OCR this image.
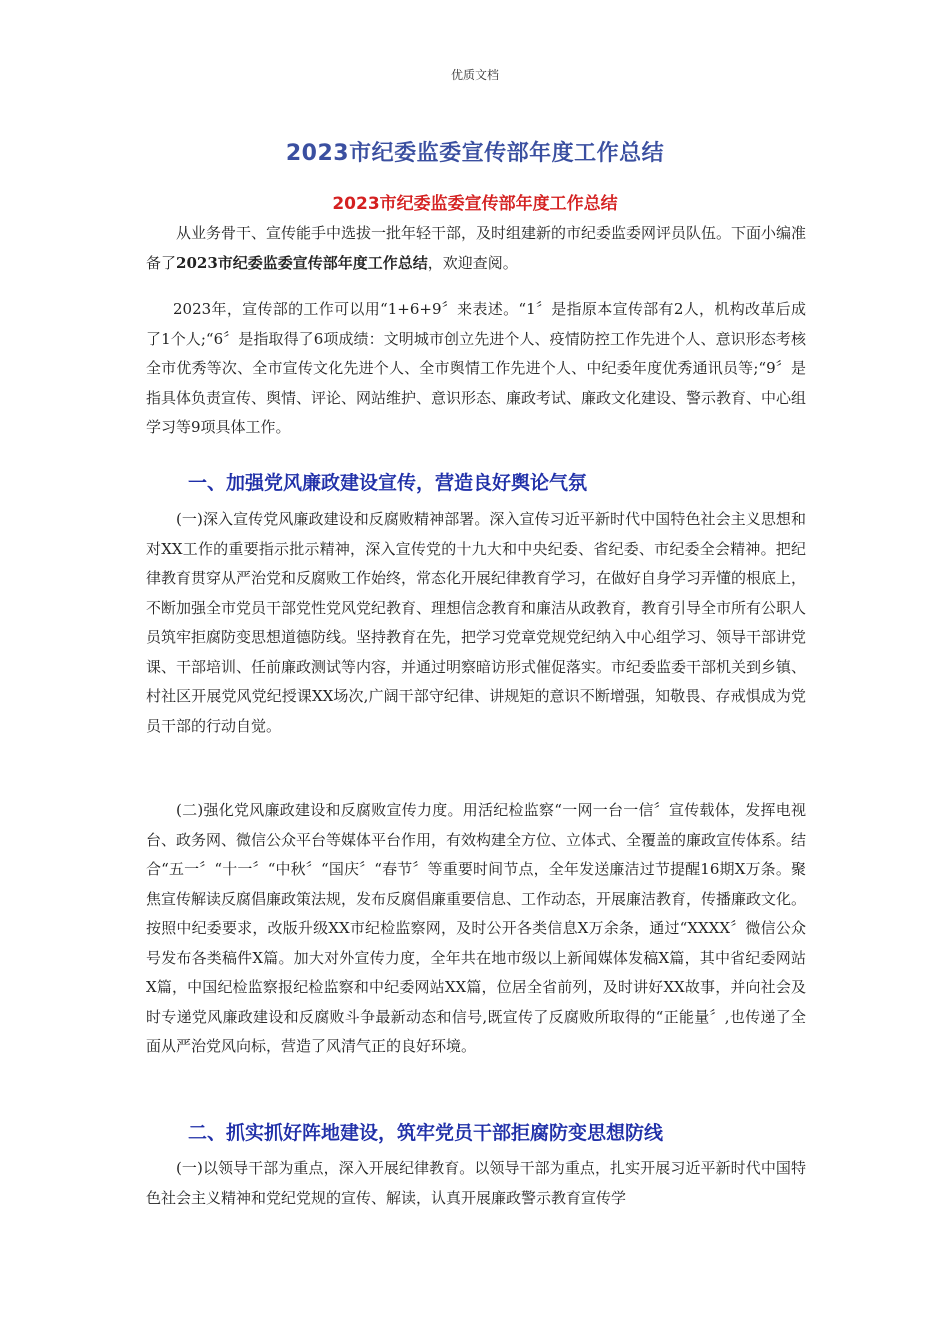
优质文档
2023市纪委监委宣传部年度工作总结
2023市纪委监委宣传部年度工作总结
从业务骨干、宣传能手中选拔一批年轻干部，及时组建新的市纪委监委网评员队伍。下面小编准备了2023市纪委监委宣传部年度工作总结，欢迎查阅。
2023年，宣传部的工作可以用“1+6+9〞来表述。“1〞是指原本宣传部有2人，机构改革后成了1个人;“6〞是指取得了6项成绩：文明城市创立先进个人、疫情防控工作先进个人、意识形态考核全市优秀等次、全市宣传文化先进个人、全市舆情工作先进个人、中纪委年度优秀通讯员等;“9〞是指具体负责宣传、舆情、评论、网站维护、意识形态、廉政考试、廉政文化建设、警示教育、中心组学习等9项具体工作。
一、加强党风廉政建设宣传，营造良好舆论气氛
(一)深入宣传党风廉政建设和反腐败精神部署。深入宣传习近平新时代中国特色社会主义思想和对XX工作的重要指示批示精神，深入宣传党的十九大和中央纪委、省纪委、市纪委全会精神。把纪律教育贯穿从严治党和反腐败工作始终，常态化开展纪律教育学习，在做好自身学习弄懂的根底上，不断加强全市党员干部党性党风党纪教育、理想信念教育和廉洁从政教育，教育引导全市所有公职人员筑牢拒腐防变思想道德防线。坚持教育在先，把学习党章党规党纪纳入中心组学习、领导干部讲党课、干部培训、任前廉政测试等内容，并通过明察暗访形式催促落实。市纪委监委干部机关到乡镇、村社区开展党风党纪授课XX场次,广阔干部守纪律、讲规矩的意识不断增强，知敬畏、存戒惧成为党员干部的行动自觉。
(二)强化党风廉政建设和反腐败宣传力度。用活纪检监察“一网一台一信〞宣传载体，发挥电视台、政务网、微信公众平台等媒体平台作用，有效构建全方位、立体式、全覆盖的廉政宣传体系。结合“五一〞“十一〞“中秋〞“国庆〞“春节〞等重要时间节点，全年发送廉洁过节提醒16期X万条。聚焦宣传解读反腐倡廉政策法规，发布反腐倡廉重要信息、工作动态，开展廉洁教育，传播廉政文化。按照中纪委要求，改版升级XX市纪检监察网，及时公开各类信息X万余条，通过“XXXX〞微信公众号发布各类稿件X篇。加大对外宣传力度，全年共在地市级以上新闻媒体发稿X篇，其中省纪委网站X篇，中国纪检监察报纪检监察和中纪委网站XX篇，位居全省前列，及时讲好XX故事，并向社会及时专递党风廉政建设和反腐败斗争最新动态和信号,既宣传了反腐败所取得的“正能量〞,也传递了全面从严治党风向标，营造了风清气正的良好环境。
二、抓实抓好阵地建设，筑牢党员干部拒腐防变思想防线
(一)以领导干部为重点，深入开展纪律教育。以领导干部为重点，扎实开展习近平新时代中国特色社会主义精神和党纪党规的宣传、解读，认真开展廉政警示教育宣传学
